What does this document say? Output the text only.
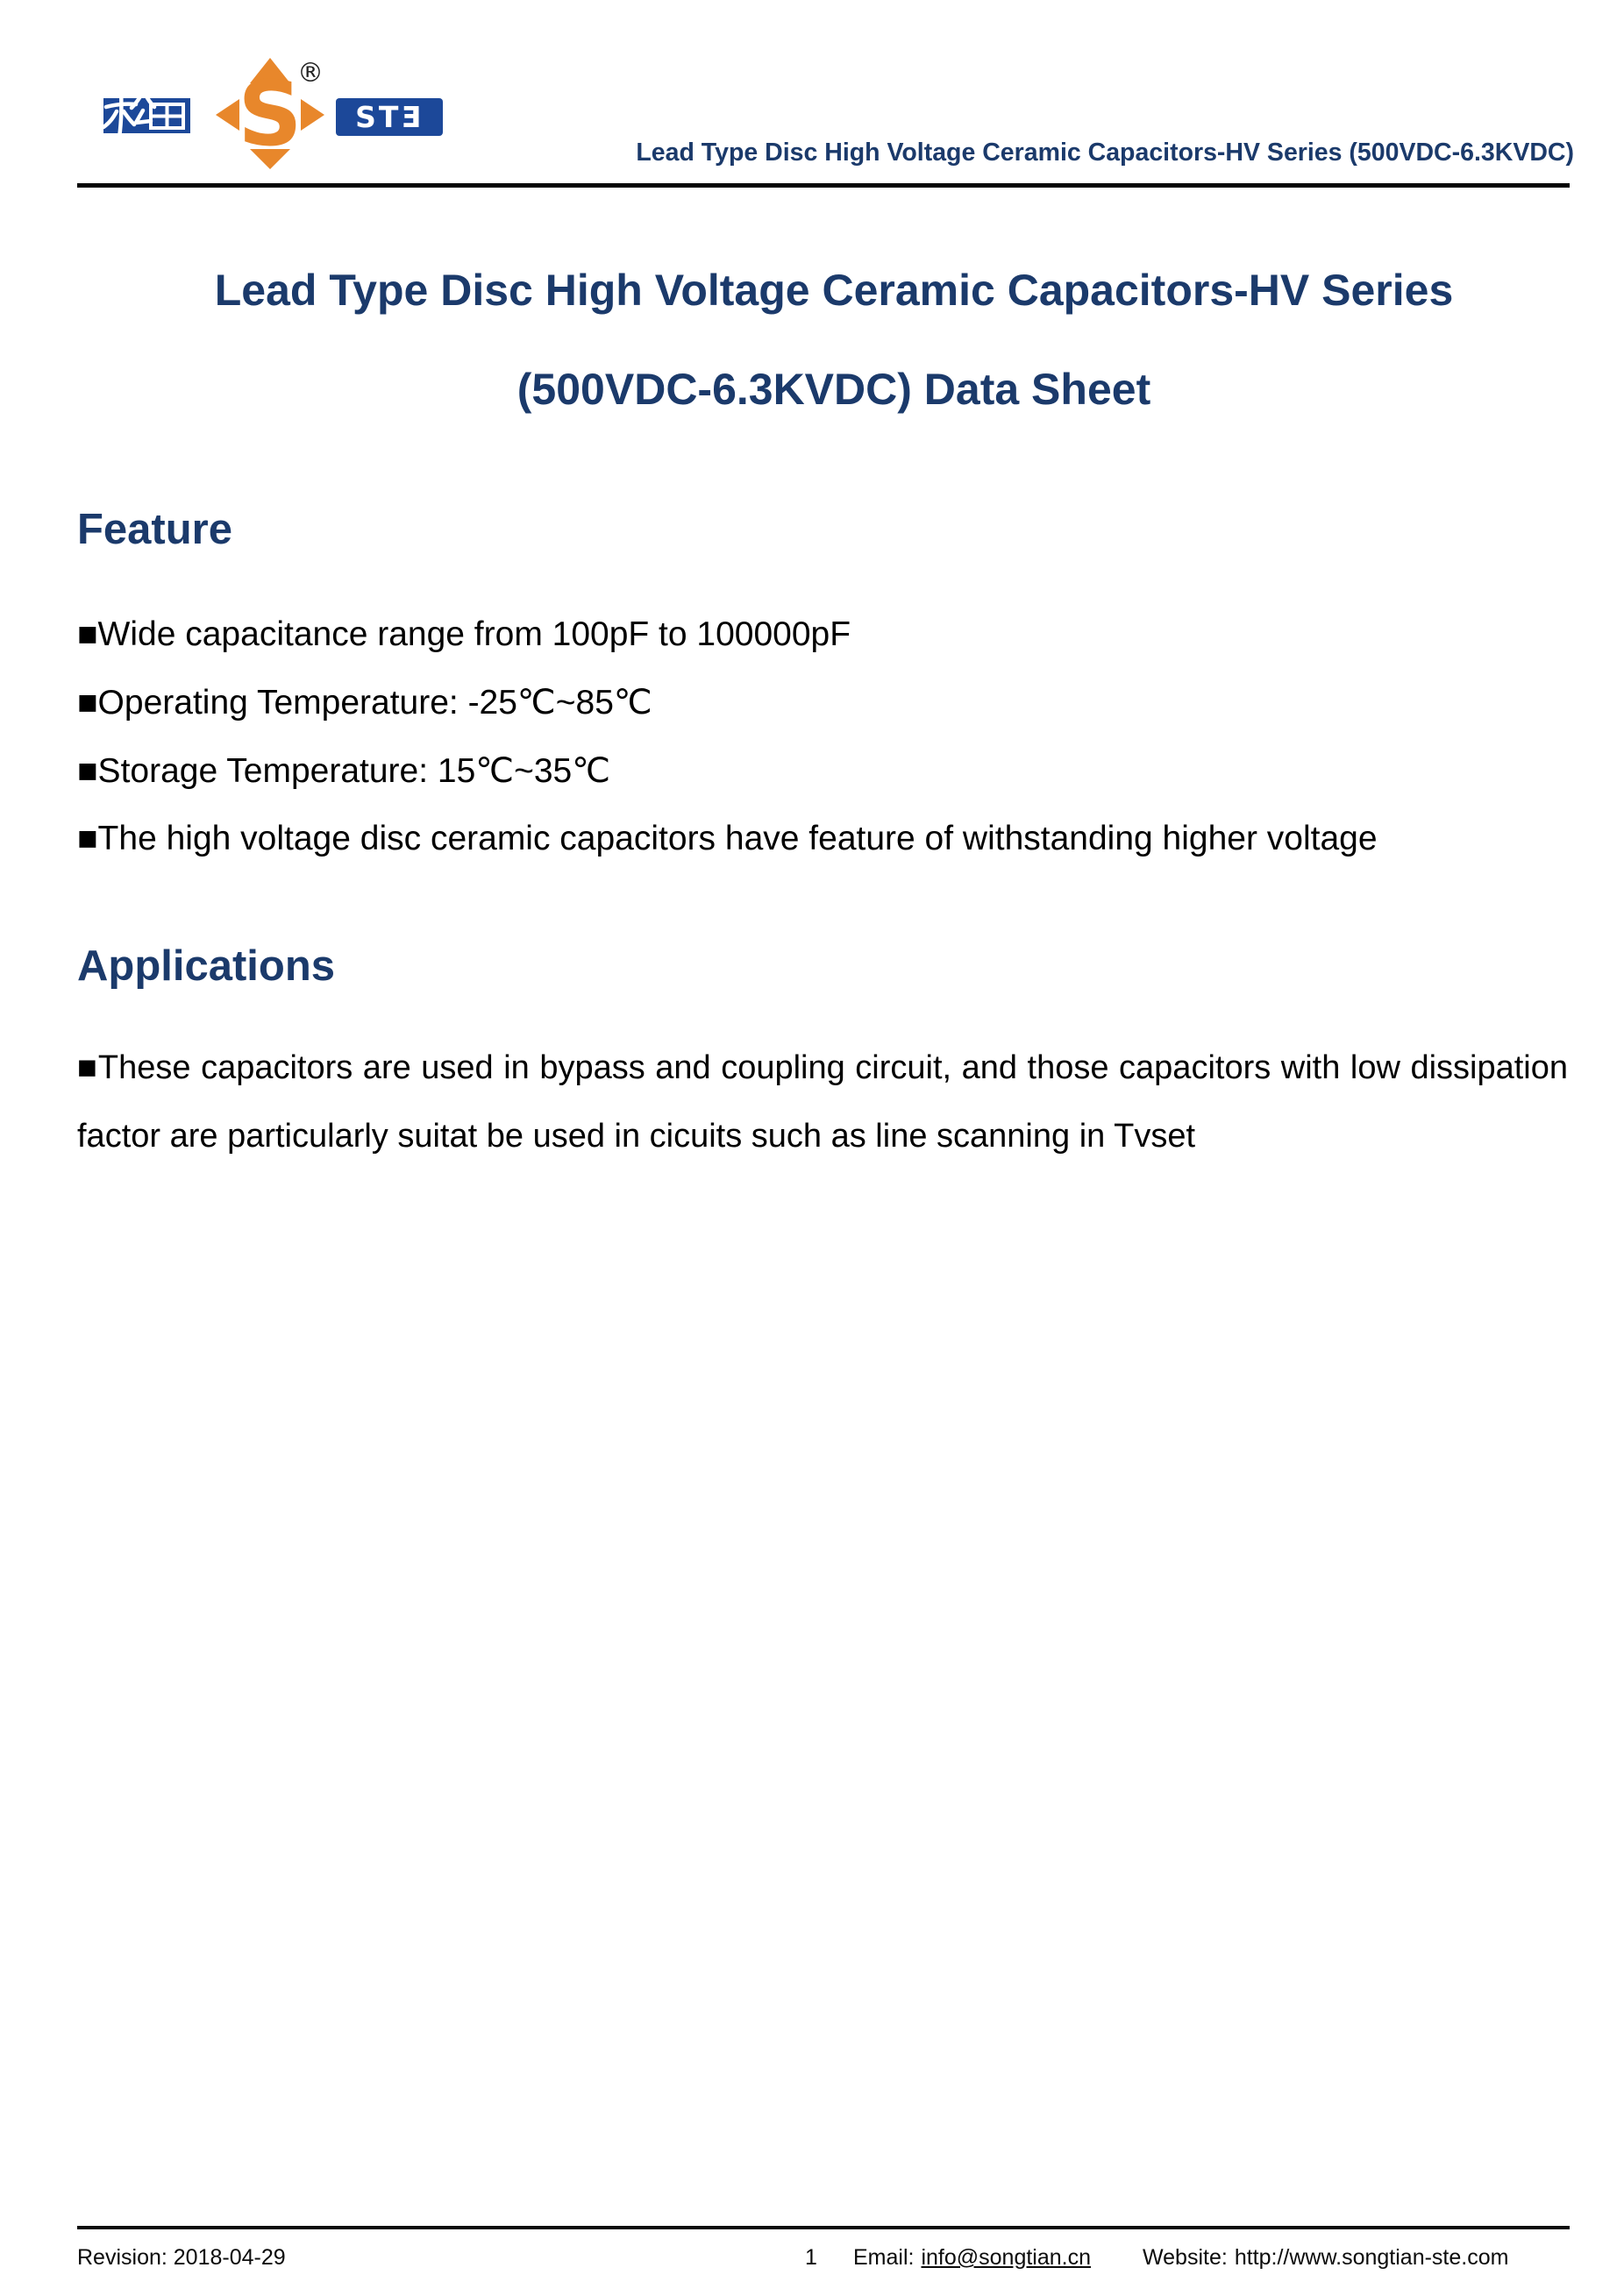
S
®
STƎ
Lead Type Disc High Voltage Ceramic Capacitors-HV Series (500VDC-6.3KVDC)
Lead Type Disc High Voltage Ceramic Capacitors-HV Series
(500VDC-6.3KVDC) Data Sheet
Feature
■Wide capacitance range from 100pF to 100000pF
■Operating Temperature: -25℃~85℃
■Storage Temperature: 15℃~35℃
■The high voltage disc ceramic capacitors have feature of withstanding higher voltage
Applications
■These capacitors are used in bypass and coupling circuit, and those capacitors with low dissipation
factor are particularly suitat be used in cicuits such as line scanning in Tvset
Revision: 2018-04-29	1 Email: info@songtian.cn Website: http://www.songtian-ste.com
